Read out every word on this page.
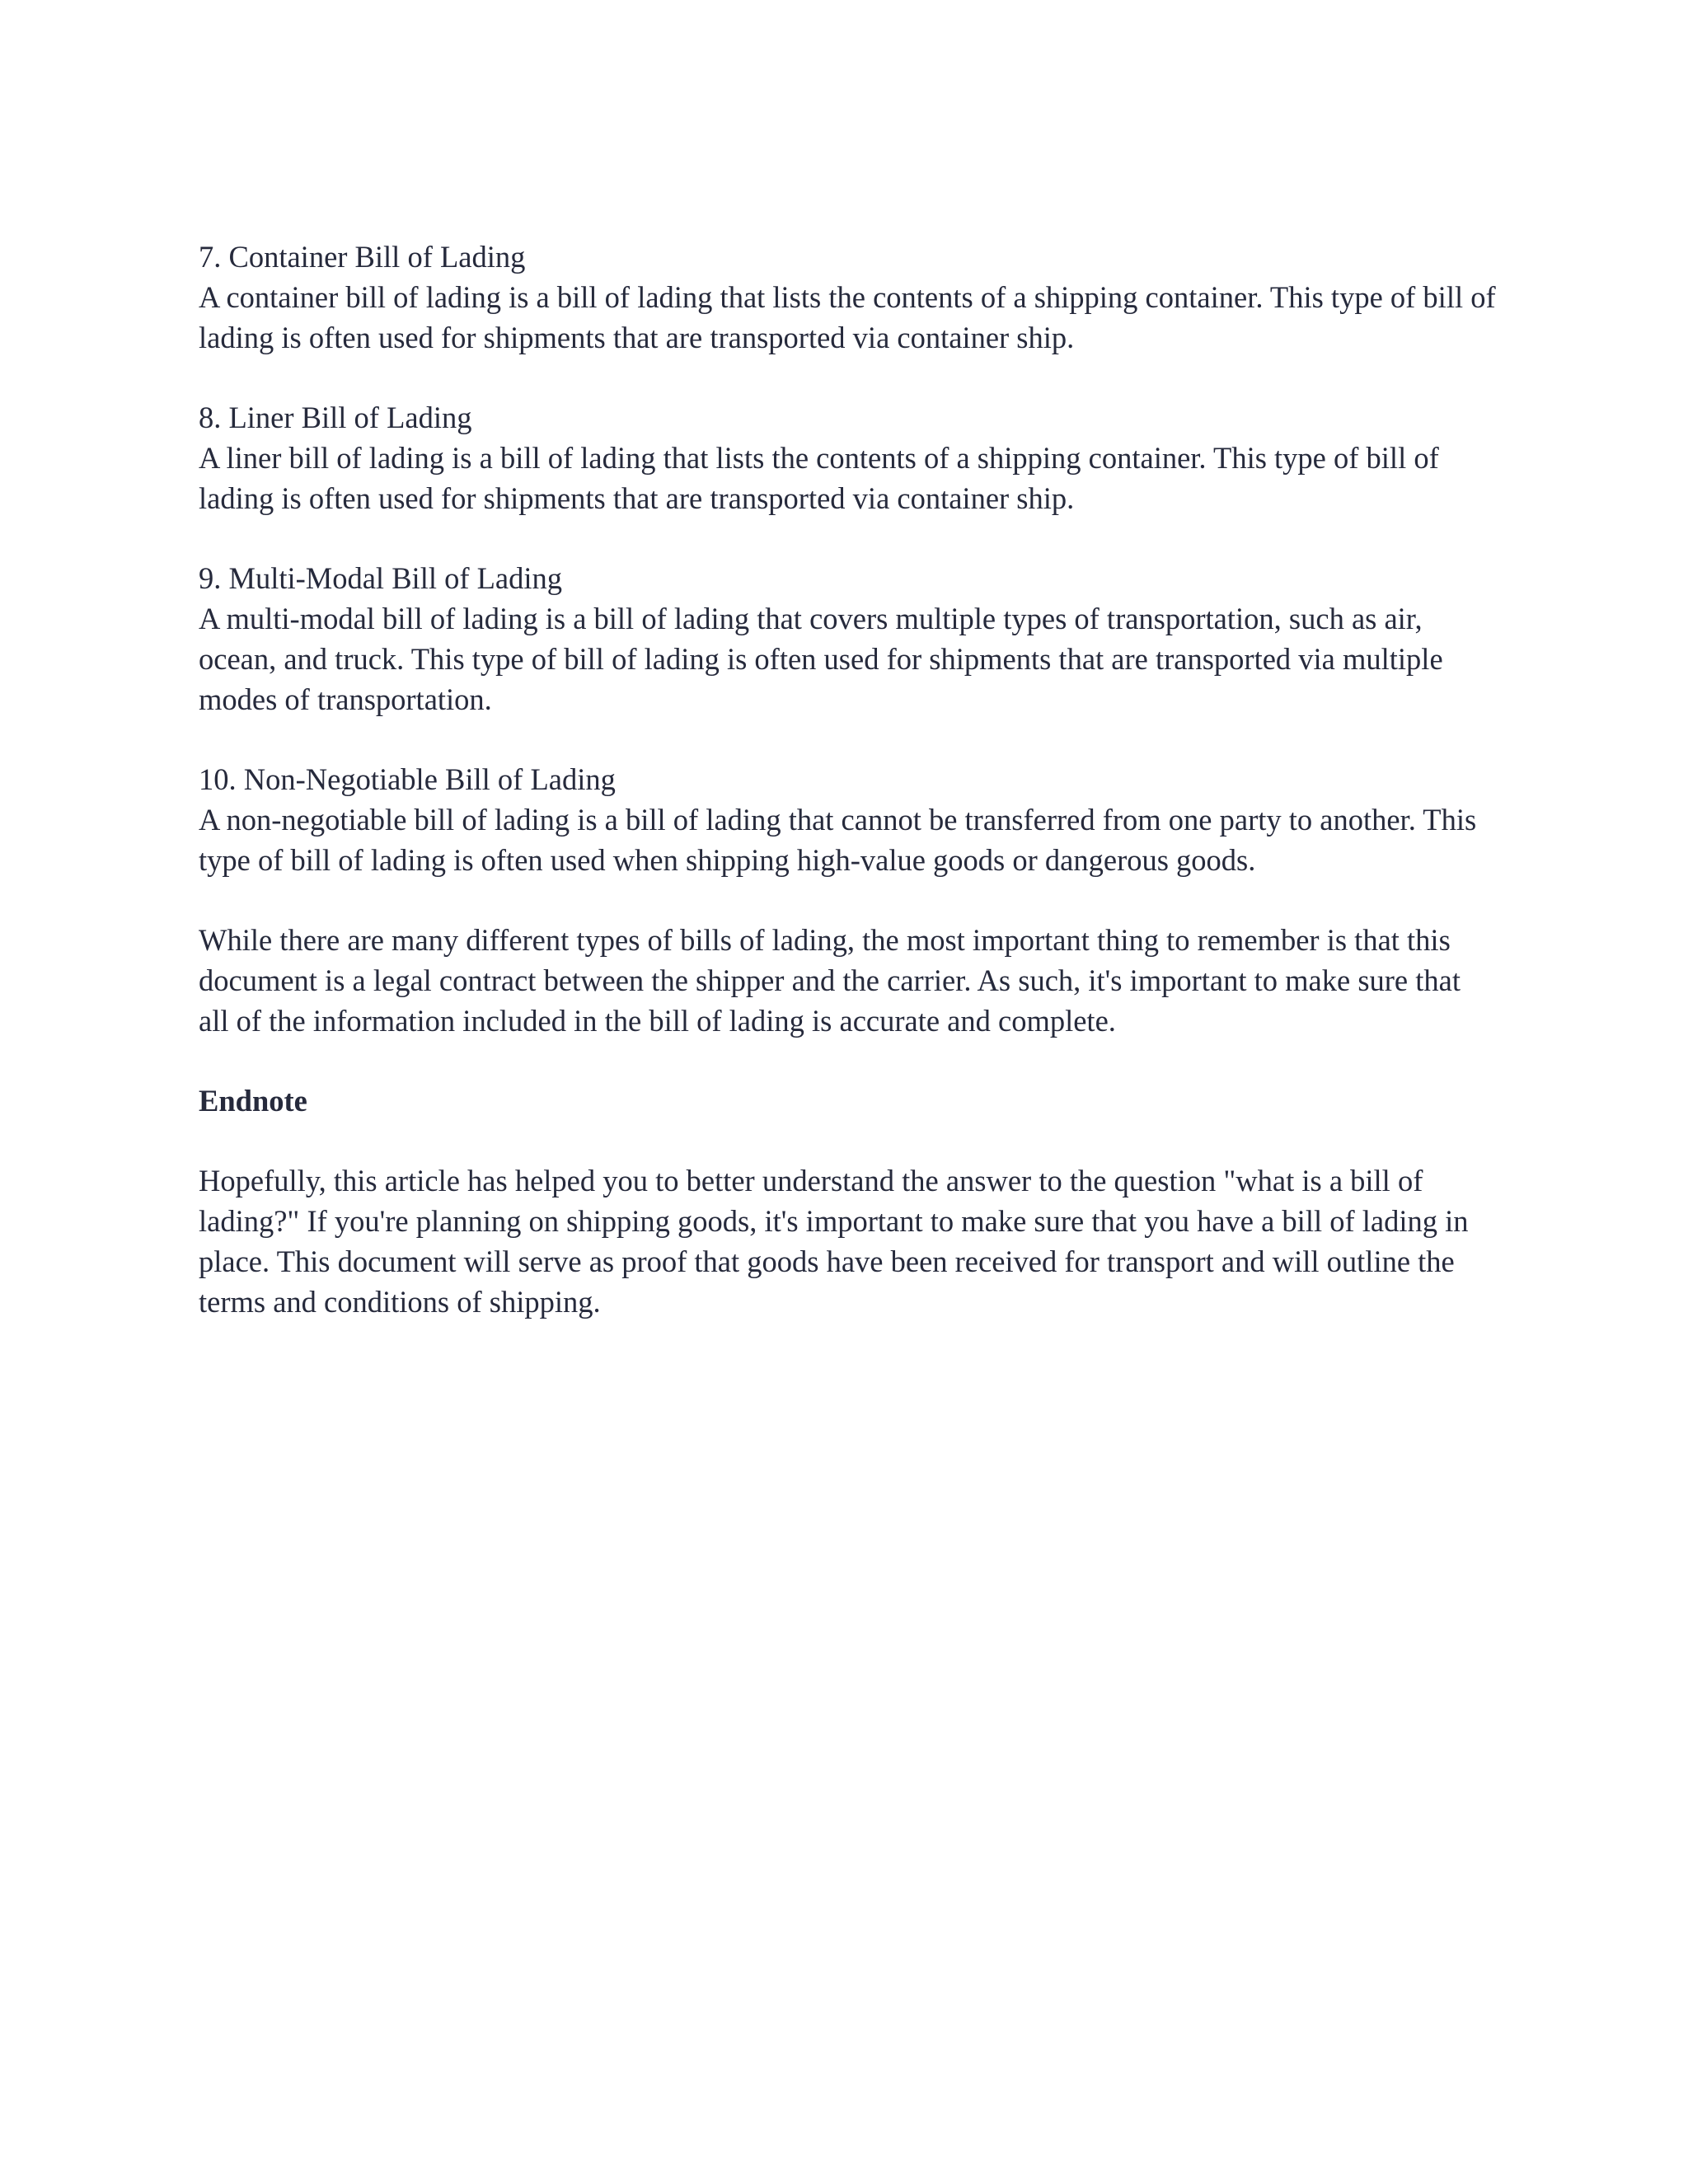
7. Container Bill of Lading

A container bill of lading is a bill of lading that lists the contents of a shipping container. This type of bill of lading is often used for shipments that are transported via container ship.

8. Liner Bill of Lading

A liner bill of lading is a bill of lading that lists the contents of a shipping container. This type of bill of lading is often used for shipments that are transported via container ship.

9. Multi-Modal Bill of Lading

A multi-modal bill of lading is a bill of lading that covers multiple types of transportation, such as air, ocean, and truck. This type of bill of lading is often used for shipments that are transported via multiple modes of transportation.

10. Non-Negotiable Bill of Lading

A non-negotiable bill of lading is a bill of lading that cannot be transferred from one party to another. This type of bill of lading is often used when shipping high-value goods or dangerous goods.

While there are many different types of bills of lading, the most important thing to remember is that this document is a legal contract between the shipper and the carrier. As such, it's important to make sure that all of the information included in the bill of lading is accurate and complete.

Endnote

Hopefully, this article has helped you to better understand the answer to the question "what is a bill of lading?" If you're planning on shipping goods, it's important to make sure that you have a bill of lading in place. This document will serve as proof that goods have been received for transport and will outline the terms and conditions of shipping.
